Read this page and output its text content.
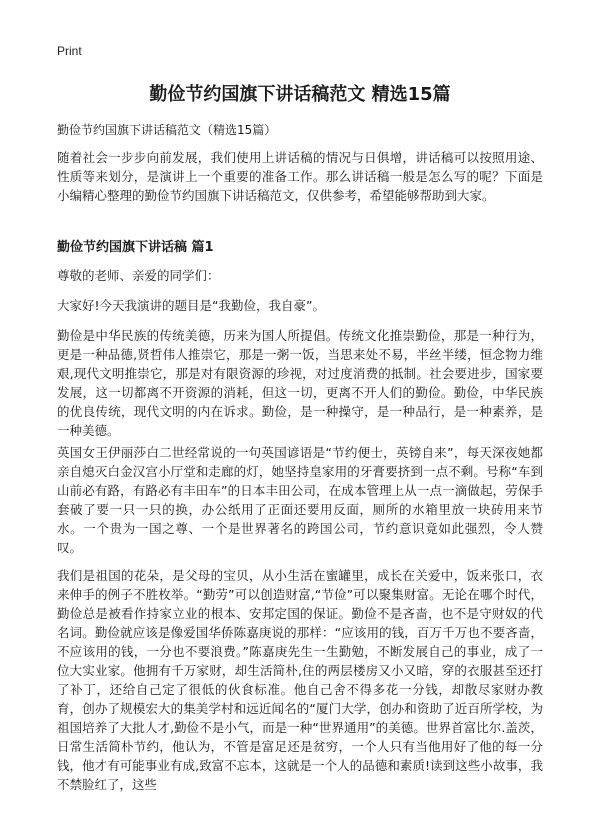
Print
勤俭节约国旗下讲话稿范文 精选15篇

勤俭节约国旗下讲话稿范文（精选15篇）

随着社会一步步向前发展，我们使用上讲话稿的情况与日俱增，讲话稿可以按照用途、性质等来划分，是演讲上一个重要的准备工作。那么讲话稿一般是怎么写的呢？下面是小编精心整理的勤俭节约国旗下讲话稿范文，仅供参考，希望能够帮助到大家。

勤俭节约国旗下讲话稿 篇1

尊敬的老师、亲爱的同学们：

大家好!今天我演讲的题目是“我勤俭，我自豪”。

勤俭是中华民族的传统美德，历来为国人所提倡。传统文化推崇勤俭，那是一种行为，更是一种品德,贤哲伟人推崇它，那是一粥一饭，当思来处不易，半丝半缕，恒念物力维艰,现代文明推崇它，那是对有限资源的珍视，对过度消费的抵制。社会要进步，国家要发展，这一切都离不开资源的消耗，但这一切，更离不开人们的勤俭。勤俭，中华民族的优良传统，现代文明的内在诉求。勤俭，是一种操守，是一种品行，是一种素养，是一种美德。

英国女王伊丽莎白二世经常说的一句英国谚语是“节约便士，英镑自来”，每天深夜她都亲自熄灭白金汉宫小厅堂和走廊的灯，她坚持皇家用的牙膏要挤到一点不剩。号称“车到山前必有路，有路必有丰田车”的日本丰田公司，在成本管理上从一点一滴做起，劳保手套破了要一只一只的换，办公纸用了正面还要用反面，厕所的水箱里放一块砖用来节水。一个贵为一国之尊、一个是世界著名的跨国公司，节约意识竟如此强烈，令人赞叹。

我们是祖国的花朵，是父母的宝贝，从小生活在蜜罐里，成长在关爱中，饭来张口，衣来伸手的例子不胜枚举。“勤劳”可以创造财富,“节俭”可以聚集财富。无论在哪个时代，勤俭总是被看作持家立业的根本、安邦定国的保证。勤俭不是吝啬，也不是守财奴的代名词。勤俭就应该是像爱国华侨陈嘉庚说的那样：“应该用的钱，百万千万也不要吝啬，不应该用的钱，一分也不要浪费。”陈嘉庚先生一生勤勉，不断发展自己的事业，成了一位大实业家。他拥有千万家财，却生活简朴,住的两层楼房又小又暗，穿的衣服甚至还打了补丁，还给自己定了很低的伙食标准。他自己舍不得多花一分钱，却散尽家财办教育，创办了规模宏大的集美学村和远近闻名的“厦门大学，创办和资助了近百所学校，为祖国培养了大批人才,勤俭不是小气，而是一种“世界通用”的美德。世界首富比尔.盖茨，日常生活简朴节约，他认为，不管是富足还是贫穷，一个人只有当他用好了他的每一分钱，他才有可能事业有成,致富不忘本，这就是一个人的品德和素质!读到这些小故事，我不禁脸红了，这些
